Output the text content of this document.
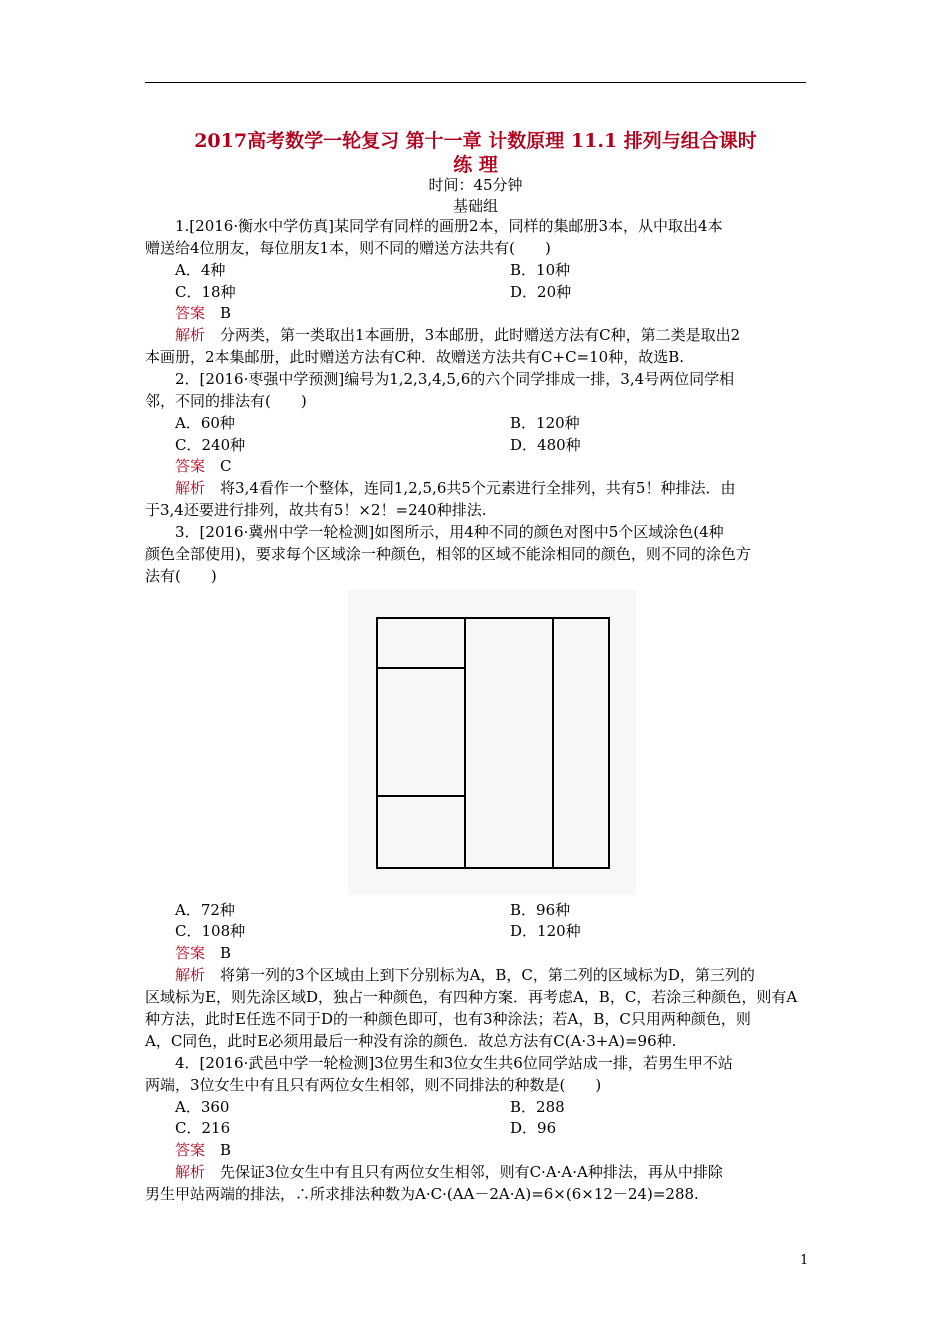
2017高考数学一轮复习 第十一章 计数原理 11.1 排列与组合课时
练 理
时间：45分钟
基础组
1.[2016·衡水中学仿真]某同学有同样的画册2本，同样的集邮册3本，从中取出4本
赠送给4位朋友，每位朋友1本，则不同的赠送方法共有(　　)
A．4种	B．10种
C．18种	D．20种
答案　 B
解析　 分两类，第一类取出1本画册，3本邮册，此时赠送方法有C种，第二类是取出2
本画册，2本集邮册，此时赠送方法有C种．故赠送方法共有C+C=10种，故选B.
2．[2016·枣强中学预测]编号为1,2,3,4,5,6的六个同学排成一排，3,4号两位同学相
邻，不同的排法有(　　)
A．60种	B．120种
C．240种	D．480种
答案　 C
解析　 将3,4看作一个整体，连同1,2,5,6共5个元素进行全排列，共有5！种排法．由
于3,4还要进行排列，故共有5！×2！=240种排法.
3．[2016·冀州中学一轮检测]如图所示，用4种不同的颜色对图中5个区域涂色(4种
颜色全部使用)，要求每个区域涂一种颜色，相邻的区域不能涂相同的颜色，则不同的涂色方
法有(　　)
A．72种	B．96种
C．108种	D．120种
答案　 B
解析　 将第一列的3个区域由上到下分别标为A，B，C，第二列的区域标为D，第三列的
区域标为E，则先涂区域D，独占一种颜色，有四种方案．再考虑A，B，C，若涂三种颜色，则有A
种方法，此时E任选不同于D的一种颜色即可，也有3种涂法；若A，B，C只用两种颜色，则
A，C同色，此时E必须用最后一种没有涂的颜色．故总方法有C(A·3+A)=96种.
4．[2016·武邑中学一轮检测]3位男生和3位女生共6位同学站成一排，若男生甲不站
两端，3位女生中有且只有两位女生相邻，则不同排法的种数是(　　)
A．360	B．288
C．216	D．96
答案　 B
解析　 先保证3位女生中有且只有两位女生相邻，则有C·A·A·A种排法，再从中排除
男生甲站两端的排法，∴所求排法种数为A·C·(AA－2A·A)=6×(6×12－24)=288.
1
